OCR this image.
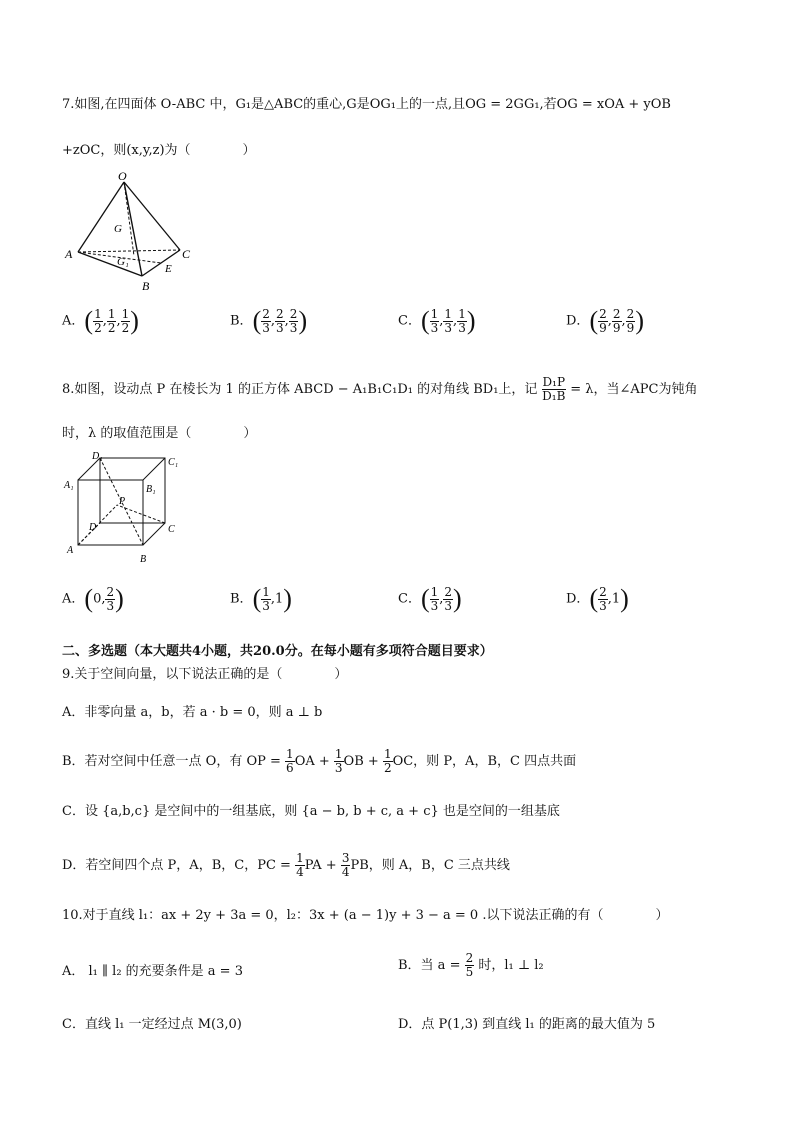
7.如图,在四面体 O-ABC 中，G₁是△ABC的重心,G是OG₁上的一点,且OG = 2GG₁,若OG = xOA + yOB
+zOC，则(x,y,z)为（　　　　）
O
G
A	C
G₁
E
B
A．( $\frac{1}{2}$ , $\frac{1}{2}$ , $\frac{1}{2}$ )	B．( $\frac{2}{3}$ , $\frac{2}{3}$ , $\frac{2}{3}$ )	C．( $\frac{1}{3}$ , $\frac{1}{3}$ , $\frac{1}{3}$ )	D．( $\frac{2}{9}$ , $\frac{2}{9}$ , $\frac{2}{9}$ )
8.如图，设动点 P 在棱长为 1 的正方体 ABCD − A₁B₁C₁D₁ 的对角线 BD₁上，记 $\frac{\text{D₁P}}{\text{D₁B}} = \lambda$，当∠APC为钝角
时，λ 的取值范围是（　　　　）
D₁
C₁
A₁	B₁
P
D	C
A
B
A．(0, $\frac{2}{3}$ )	B．( $\frac{1}{3} ,1$)	C．( $\frac{1}{3}$ , $\frac{2}{3}$ )	D．( $\frac{2}{3} ,1$)
二、多选题（本大题共4小题，共20.0分。在每小题有多项符合题目要求）
9.关于空间向量，以下说法正确的是（　　　　）
A．非零向量 a，b，若 a · b = 0，则 a ⊥ b
B．若对空间中任意一点 O，有 OP = $\frac{1}{6}$ OA + $\frac{1}{3}$ OB + $\frac{1}{2}$ OC，则 P，A，B，C 四点共面
C．设 {a,b,c} 是空间中的一组基底，则 {a − b, b + c, a + c} 也是空间的一组基底
D．若空间四个点 P，A，B，C，PC = $\frac{1}{4}$ PA + $\frac{3}{4}$ PB，则 A，B，C 三点共线
10.对于直线 l₁：ax + 2y + 3a = 0，l₂：3x + (a − 1)y + 3 − a = 0 .以下说法正确的有（　　　　）
A． l₁ ∥ l₂ 的充要条件是 a = 3	B．当 $a = \frac{2}{5}$ 时，l₁ ⊥ l₂
C．直线 l₁ 一定经过点 M(3,0)	D．点 P(1,3) 到直线 l₁ 的距离的最大值为 5
